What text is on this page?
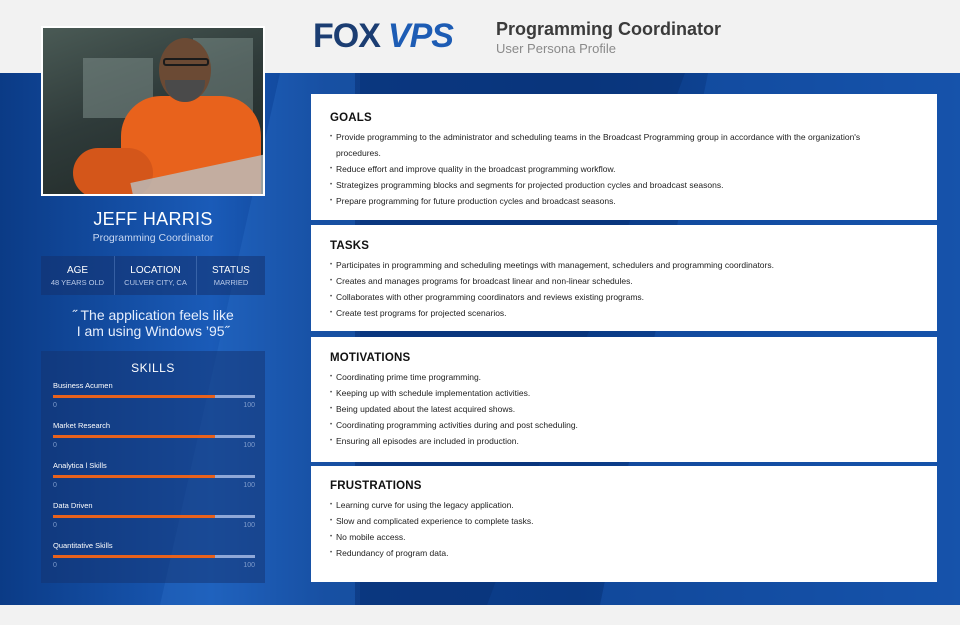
FOX VPS Programming Coordinator
User Persona Profile
JEFF HARRIS
Programming Coordinator
AGE
48 YEARS OLD
LOCATION
CULVER CITY, CA
STATUS
MARRIED
˝ The application feels like
I am using Windows ’95˝
SKILLS
Business Acumen
0	100
Market Research
0	100
Analytica l Skills
0	100
Data Driven
0	100
Quantitative Skills
0	100
GOALS
• Provide programming to the administrator and scheduling teams in the Broadcast Programming group in accordance with the organization's procedures.
• Reduce effort and improve quality in the broadcast programming workflow.
• Strategizes programming blocks and segments for projected production cycles and broadcast seasons.
• Prepare programming for future production cycles and broadcast seasons.
TASKS
• Participates in programming and scheduling meetings with management, schedulers and programming coordinators.
• Creates and manages programs for broadcast linear and non-linear schedules.
• Collaborates with other programming coordinators and reviews existing programs.
• Create test programs for projected scenarios.
MOTIVATIONS
• Coordinating prime time programming.
• Keeping up with schedule implementation activities.
• Being updated about the latest acquired shows.
• Coordinating programming activities during and post scheduling.
• Ensuring all episodes are included in production.
FRUSTRATIONS
• Learning curve for using the legacy application.
• Slow and complicated experience to complete tasks.
• No mobile access.
• Redundancy of program data.
